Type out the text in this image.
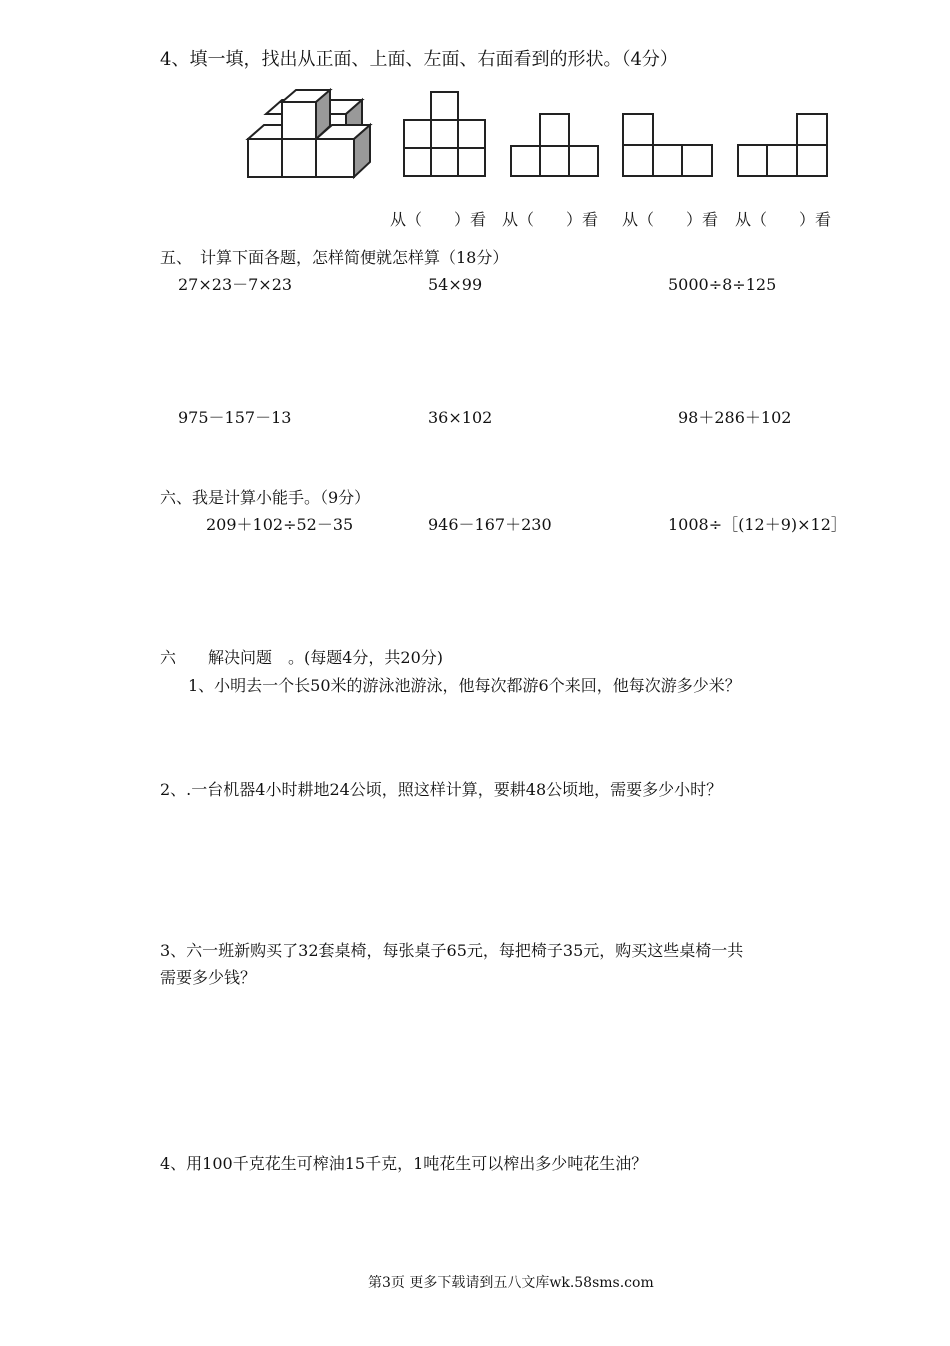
4、填一填，找出从正面、上面、左面、右面看到的形状。（4分）
从（　　）看 从（　　）看 从（　　）看 从（　　）看
五、　计算下面各题，怎样简便就怎样算（18分）
27×23－7×23	54×99	5000÷8÷125
975－157－13	36×102	98＋286＋102
六、我是计算小能手。（9分）
209＋102÷52－35	946－167＋230	1008÷［(12＋9)×12］
六　　解决问题　。(每题4分，共20分)
1、小明去一个长50米的游泳池游泳，他每次都游6个来回，他每次游多少米？
2、.一台机器4小时耕地24公顷，照这样计算，要耕48公顷地，需要多少小时？
3、六一班新购买了32套桌椅，每张桌子65元，每把椅子35元，购买这些桌椅一共
需要多少钱？
4、用100千克花生可榨油15千克，1吨花生可以榨出多少吨花生油？
第3页 更多下载请到五八文库wk.58sms.com
